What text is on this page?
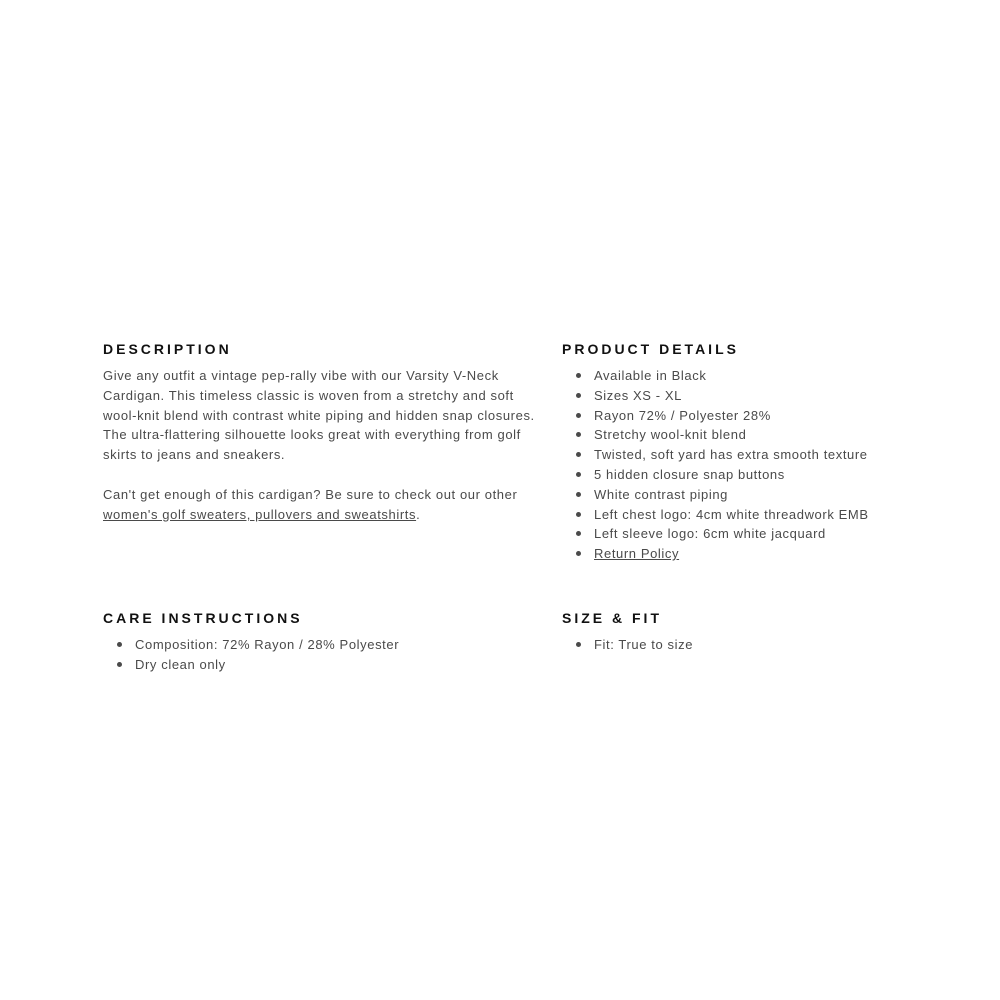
DESCRIPTION

Give any outfit a vintage pep-rally vibe with our Varsity V-Neck Cardigan. This timeless classic is woven from a stretchy and soft wool-knit blend with contrast white piping and hidden snap closures. The ultra-flattering silhouette looks great with everything from golf skirts to jeans and sneakers.

Can't get enough of this cardigan? Be sure to check out our other women's golf sweaters, pullovers and sweatshirts.

PRODUCT DETAILS
Available in Black
Sizes XS - XL
Rayon 72% / Polyester 28%
Stretchy wool-knit blend
Twisted, soft yard has extra smooth texture
5 hidden closure snap buttons
White contrast piping
Left chest logo: 4cm white threadwork EMB
Left sleeve logo: 6cm white jacquard
Return Policy
CARE INSTRUCTIONS
Composition: 72% Rayon / 28% Polyester
Dry clean only
SIZE & FIT
Fit: True to size
